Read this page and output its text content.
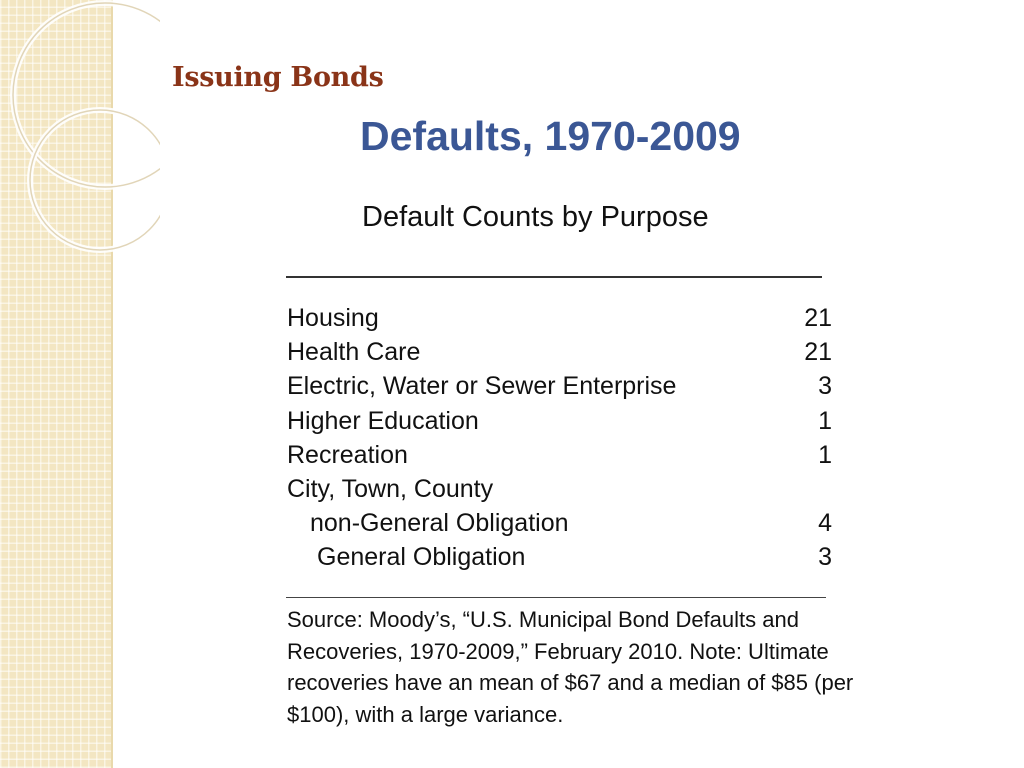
Issuing Bonds
Defaults, 1970-2009
Default Counts by Purpose
Housing	21
Health Care	21
Electric, Water or Sewer Enterprise	3
Higher Education	1
Recreation	1
City, Town, County
non-General Obligation	4
General Obligation	3

Source: Moody’s, “U.S. Municipal Bond Defaults and Recoveries, 1970-2009,” February 2010. Note: Ultimate recoveries have an mean of $67 and a median of $85 (per $100), with a large variance.
